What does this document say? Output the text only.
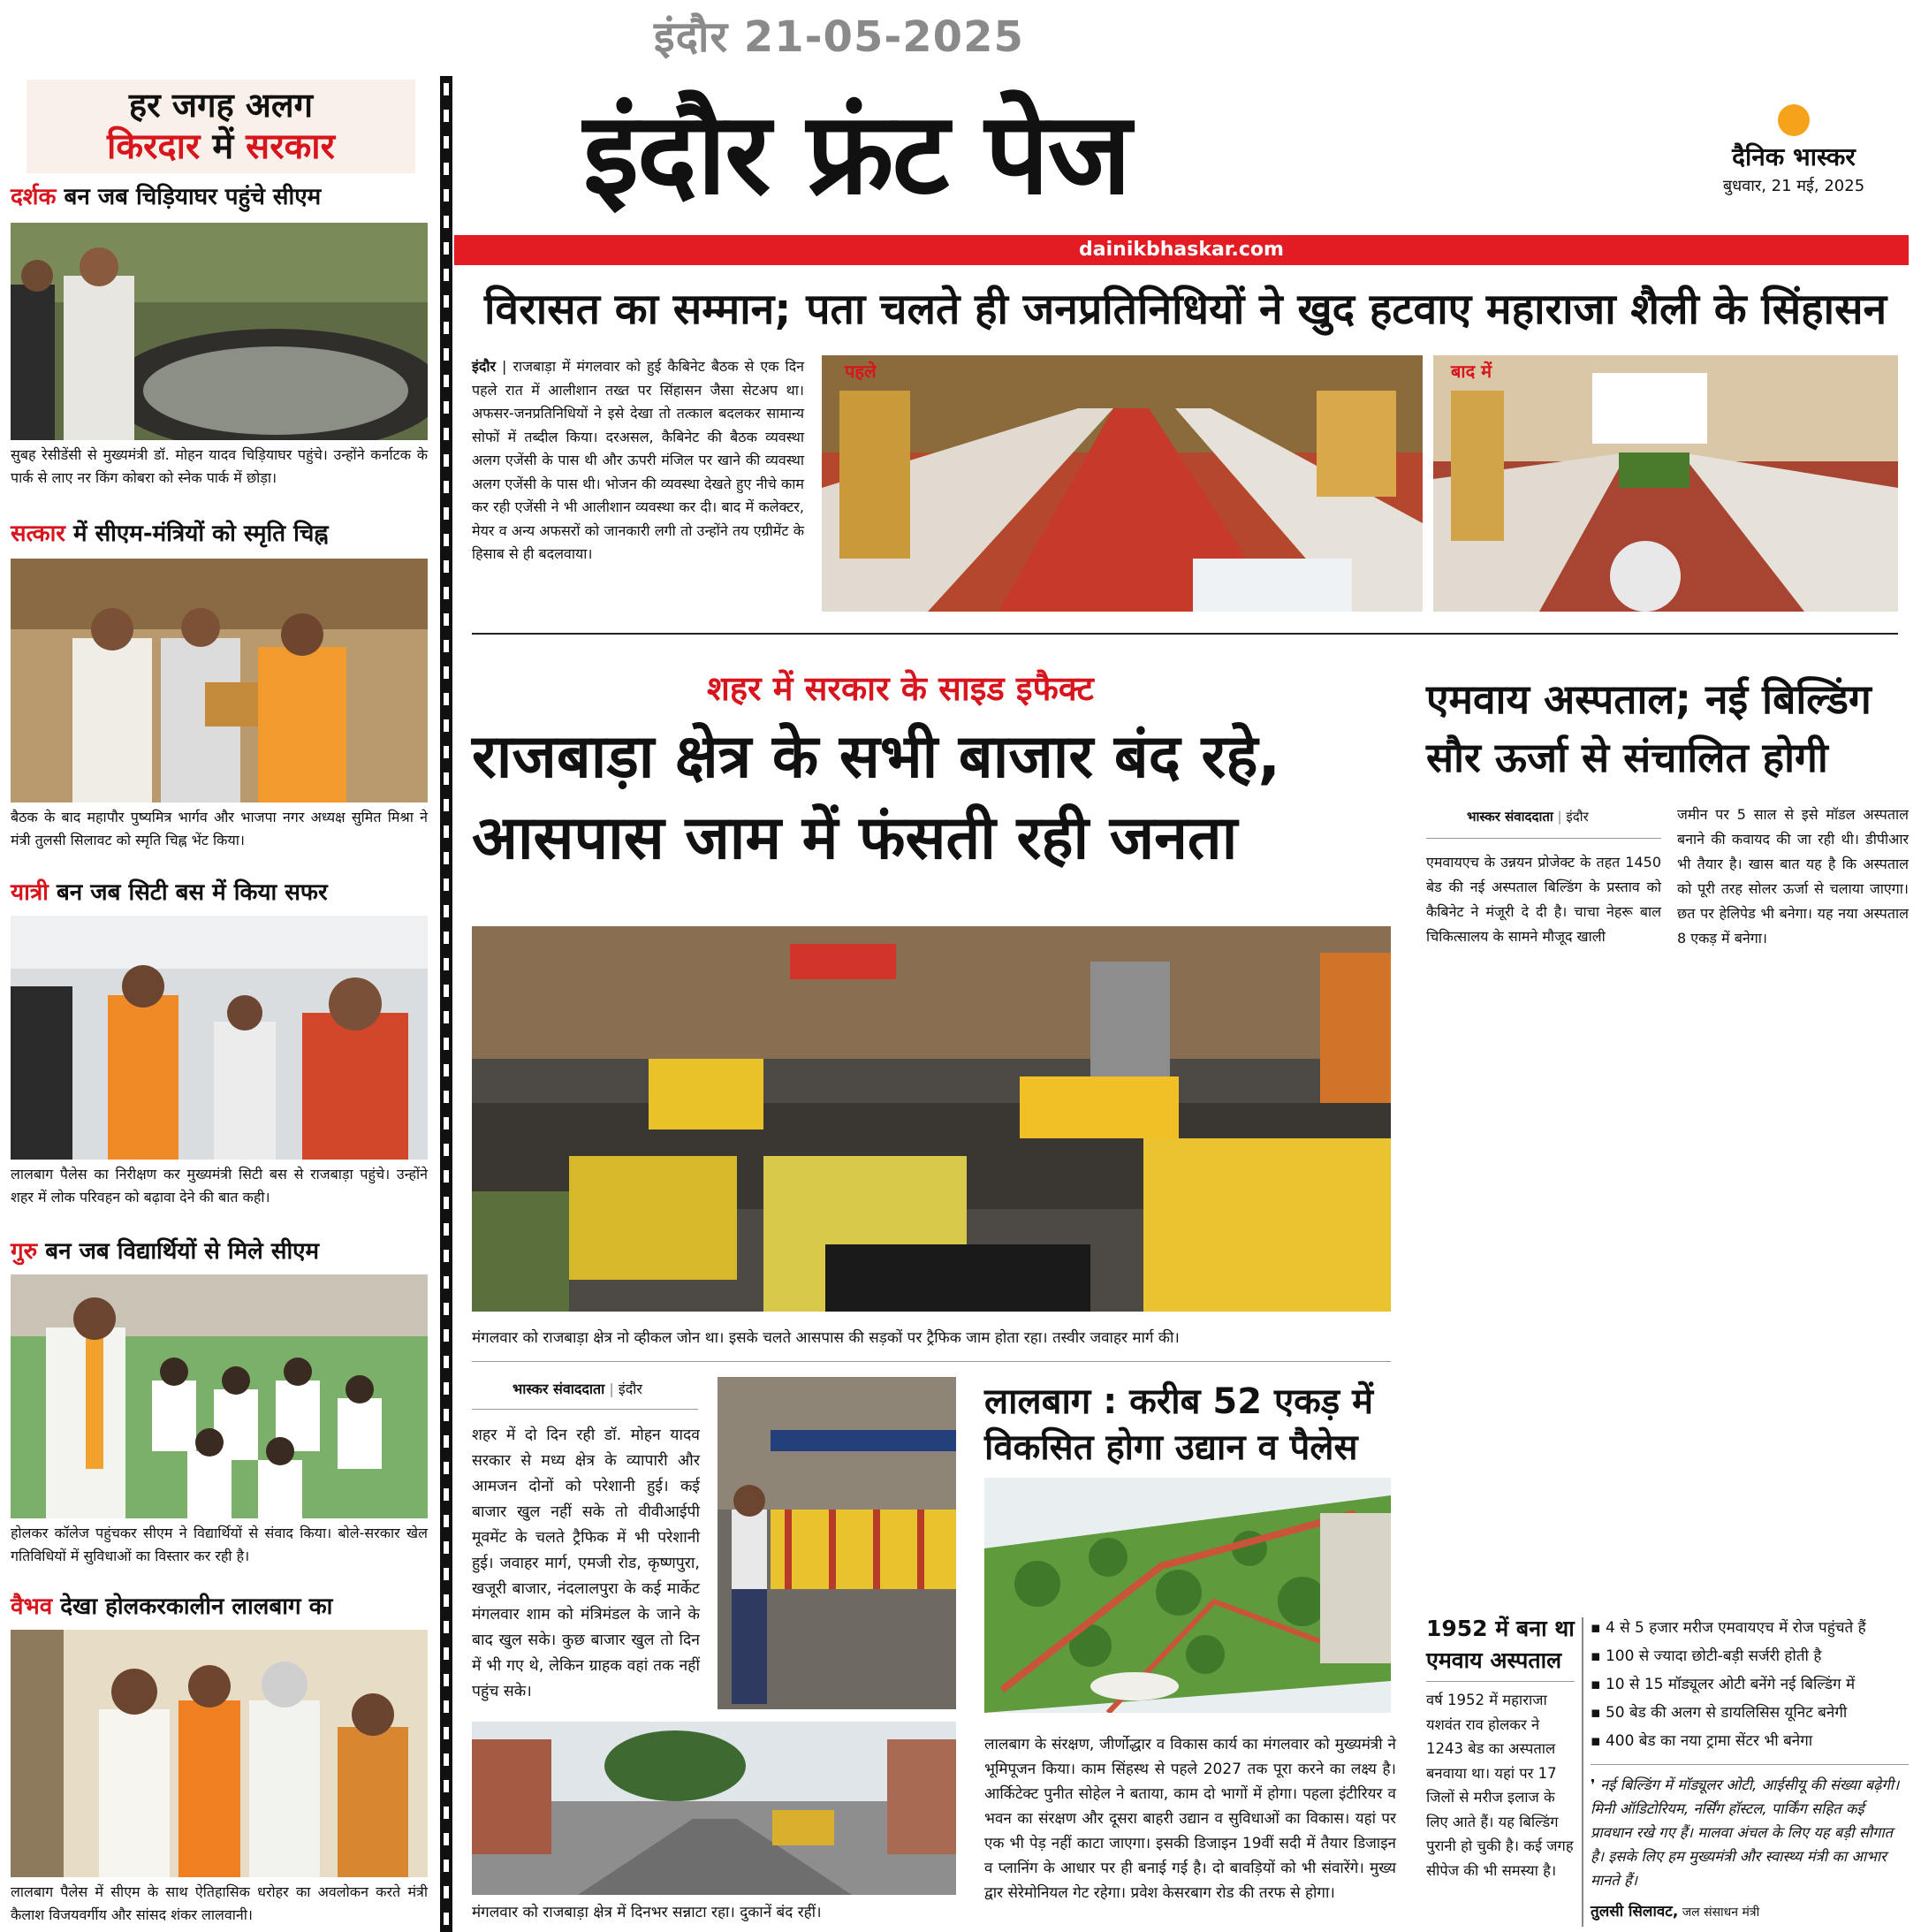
इंदौर 21-05-2025
हर जगह अलग
किरदार में सरकार
दर्शक बन जब चिड़ियाघर पहुंचे सीएम
सुबह रेसीडेंसी से मुख्यमंत्री डॉ. मोहन यादव चिड़ियाघर पहुंचे। उन्होंने कर्नाटक के पार्क से लाए नर किंग कोबरा को स्नेक पार्क में छोड़ा।
सत्कार में सीएम-मंत्रियों को स्मृति चिह्न
बैठक के बाद महापौर पुष्यमित्र भार्गव और भाजपा नगर अध्यक्ष सुमित मिश्रा ने मंत्री तुलसी सिलावट को स्मृति चिह्न भेंट किया।
यात्री बन जब सिटी बस में किया सफर
लालबाग पैलेस का निरीक्षण कर मुख्यमंत्री सिटी बस से राजबाड़ा पहुंचे। उन्होंने शहर में लोक परिवहन को बढ़ावा देने की बात कही।
गुरु बन जब विद्यार्थियों से मिले सीएम
होलकर कॉलेज पहुंचकर सीएम ने विद्यार्थियों से संवाद किया। बोले-सरकार खेल गतिविधियों में सुविधाओं का विस्तार कर रही है।
वैभव देखा होलकरकालीन लालबाग का
लालबाग पैलेस में सीएम के साथ ऐतिहासिक धरोहर का अवलोकन करते मंत्री कैलाश विजयवर्गीय और सांसद शंकर लालवानी।
इंदौर फ्रंट पेज	दैनिक भास्कर
बुधवार, 21 मई, 2025
dainikbhaskar.com
विरासत का सम्मान; पता चलते ही जनप्रतिनिधियों ने खुद हटवाए महाराजा शैली के सिंहासन
इंदौर | राजबाड़ा में मंगलवार को हुई कैबिनेट बैठक से एक दिन पहले रात में आलीशान तख्त पर सिंहासन जैसा सेटअप था। अफसर-जनप्रतिनिधियों ने इसे देखा तो तत्काल बदलकर सामान्य सोफों में तब्दील किया। दरअसल, कैबिनेट की बैठक व्यवस्था अलग एजेंसी के पास थी और ऊपरी मंजिल पर खाने की व्यवस्था अलग एजेंसी के पास थी। भोजन की व्यवस्था देखते हुए नीचे काम कर रही एजेंसी ने भी आलीशान व्यवस्था कर दी। बाद में कलेक्टर, मेयर व अन्य अफसरों को जानकारी लगी तो उन्होंने तय एग्रीमेंट के हिसाब से ही बदलवाया।
पहले	बाद में
शहर में सरकार के साइड इफैक्ट
राजबाड़ा क्षेत्र के सभी बाजार बंद रहे,
आसपास जाम में फंसती रही जनता
मंगलवार को राजबाड़ा क्षेत्र नो व्हीकल जोन था। इसके चलते आसपास की सड़कों पर ट्रैफिक जाम होता रहा। तस्वीर जवाहर मार्ग की।
भास्कर संवाददाता | इंदौर
शहर में दो दिन रही डॉ. मोहन यादव सरकार से मध्य क्षेत्र के व्यापारी और आमजन दोनों को परेशानी हुई। कई बाजार खुल नहीं सके तो वीवीआईपी मूवमेंट के चलते ट्रैफिक में भी परेशानी हुई। जवाहर मार्ग, एमजी रोड, कृष्णपुरा, खजूरी बाजार, नंदलालपुरा के कई मार्केट मंगलवार शाम को मंत्रिमंडल के जाने के बाद खुल सके। कुछ बाजार खुल तो दिन में भी गए थे, लेकिन ग्राहक वहां तक नहीं पहुंच सके।
मंगलवार को राजबाड़ा क्षेत्र में दिनभर सन्नाटा रहा। दुकानें बंद रहीं।
लालबाग : करीब 52 एकड़ में
विकसित होगा उद्यान व पैलेस
लालबाग के संरक्षण, जीर्णोद्धार व विकास कार्य का मंगलवार को मुख्यमंत्री ने भूमिपूजन किया। काम सिंहस्थ से पहले 2027 तक पूरा करने का लक्ष्य है। आर्किटेक्ट पुनीत सोहेल ने बताया, काम दो भागों में होगा। पहला इंटीरियर व भवन का संरक्षण और दूसरा बाहरी उद्यान व सुविधाओं का विकास। यहां पर एक भी पेड़ नहीं काटा जाएगा। इसकी डिजाइन 19वीं सदी में तैयार डिजाइन व प्लानिंग के आधार पर ही बनाई गई है। दो बावड़ियों को भी संवारेंगे। मुख्य द्वार सेरेमोनियल गेट रहेगा। प्रवेश केसरबाग रोड की तरफ से होगा।
एमवाय अस्पताल; नई बिल्डिंग
सौर ऊर्जा से संचालित होगी
भास्कर संवाददाता | इंदौर
एमवायएच के उन्नयन प्रोजेक्ट के तहत 1450 बेड की नई अस्पताल बिल्डिंग के प्रस्ताव को कैबिनेट ने मंजूरी दे दी है। चाचा नेहरू बाल चिकित्सालय के सामने मौजूद खाली
जमीन पर 5 साल से इसे मॉडल अस्पताल बनाने की कवायद की जा रही थी। डीपीआर भी तैयार है। खास बात यह है कि अस्पताल को पूरी तरह सोलर ऊर्जा से चलाया जाएगा। छत पर हेलिपेड भी बनेगा। यह नया अस्पताल 8 एकड़ में बनेगा।
1952 में बना था
एमवाय अस्पताल
वर्ष 1952 में महाराजा यशवंत राव होलकर ने 1243 बेड का अस्पताल बनवाया था। यहां पर 17 जिलों से मरीज इलाज के लिए आते हैं। यह बिल्डिंग पुरानी हो चुकी है। कई जगह सीपेज की भी समस्या है।
▪ 4 से 5 हजार मरीज एमवायएच में रोज पहुंचते हैं
▪ 100 से ज्यादा छोटी-बड़ी सर्जरी होती है
▪ 10 से 15 मॉड्यूलर ओटी बनेंगे नई बिल्डिंग में
▪ 50 बेड की अलग से डायलिसिस यूनिट बनेगी
▪ 400 बेड का नया ट्रामा सेंटर भी बनेगा
❜ नई बिल्डिंग में मॉड्यूलर ओटी, आईसीयू की संख्या बढ़ेगी। मिनी ऑडिटोरियम, नर्सिंग हॉस्टल, पार्किंग सहित कई प्रावधान रखे गए हैं। मालवा अंचल के लिए यह बड़ी सौगात है। इसके लिए हम मुख्यमंत्री और स्वास्थ्य मंत्री का आभार मानते हैं।
तुलसी सिलावट, जल संसाधन मंत्री
